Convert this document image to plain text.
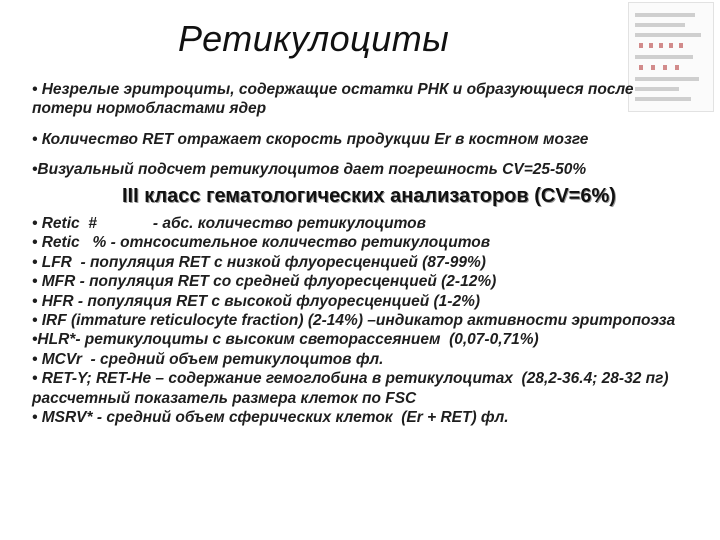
Ретикулоциты
• Незрелые эритроциты, содержащие остатки РНК и образующиеся после потери нормобластами ядер
• Количество RET отражает скорость продукции Er в костном мозге
•Визуальный подсчет ретикулоцитов дает погрешность CV=25-50%
III класс гематологических анализаторов (CV=6%)
• Retic  #             - абс. количество ретикулоцитов
• Retic   % - отнсосительное количество ретикулоцитов
• LFR  - популяция RET с низкой флуоресценцией (87-99%)
• MFR - популяция RET со средней флуоресценцией (2-12%)
• HFR - популяция RET с высокой флуоресценцией (1-2%)
• IRF (immature reticulocyte fraction) (2-14%) –индикатор активности эритропоэза
•HLR*- ретикулоциты с высоким светорассеянием  (0,07-0,71%)
• MCVr  - средний объем ретикулоцитов фл.
• RET-Y; RET-He – содержание гемоглобина в ретикулоцитах  (28,2-36.4; 28-32 пг) рассчетный показатель размера клеток по FSC
• MSRV* - средний объем сферических клеток  (Er + RET) фл.
